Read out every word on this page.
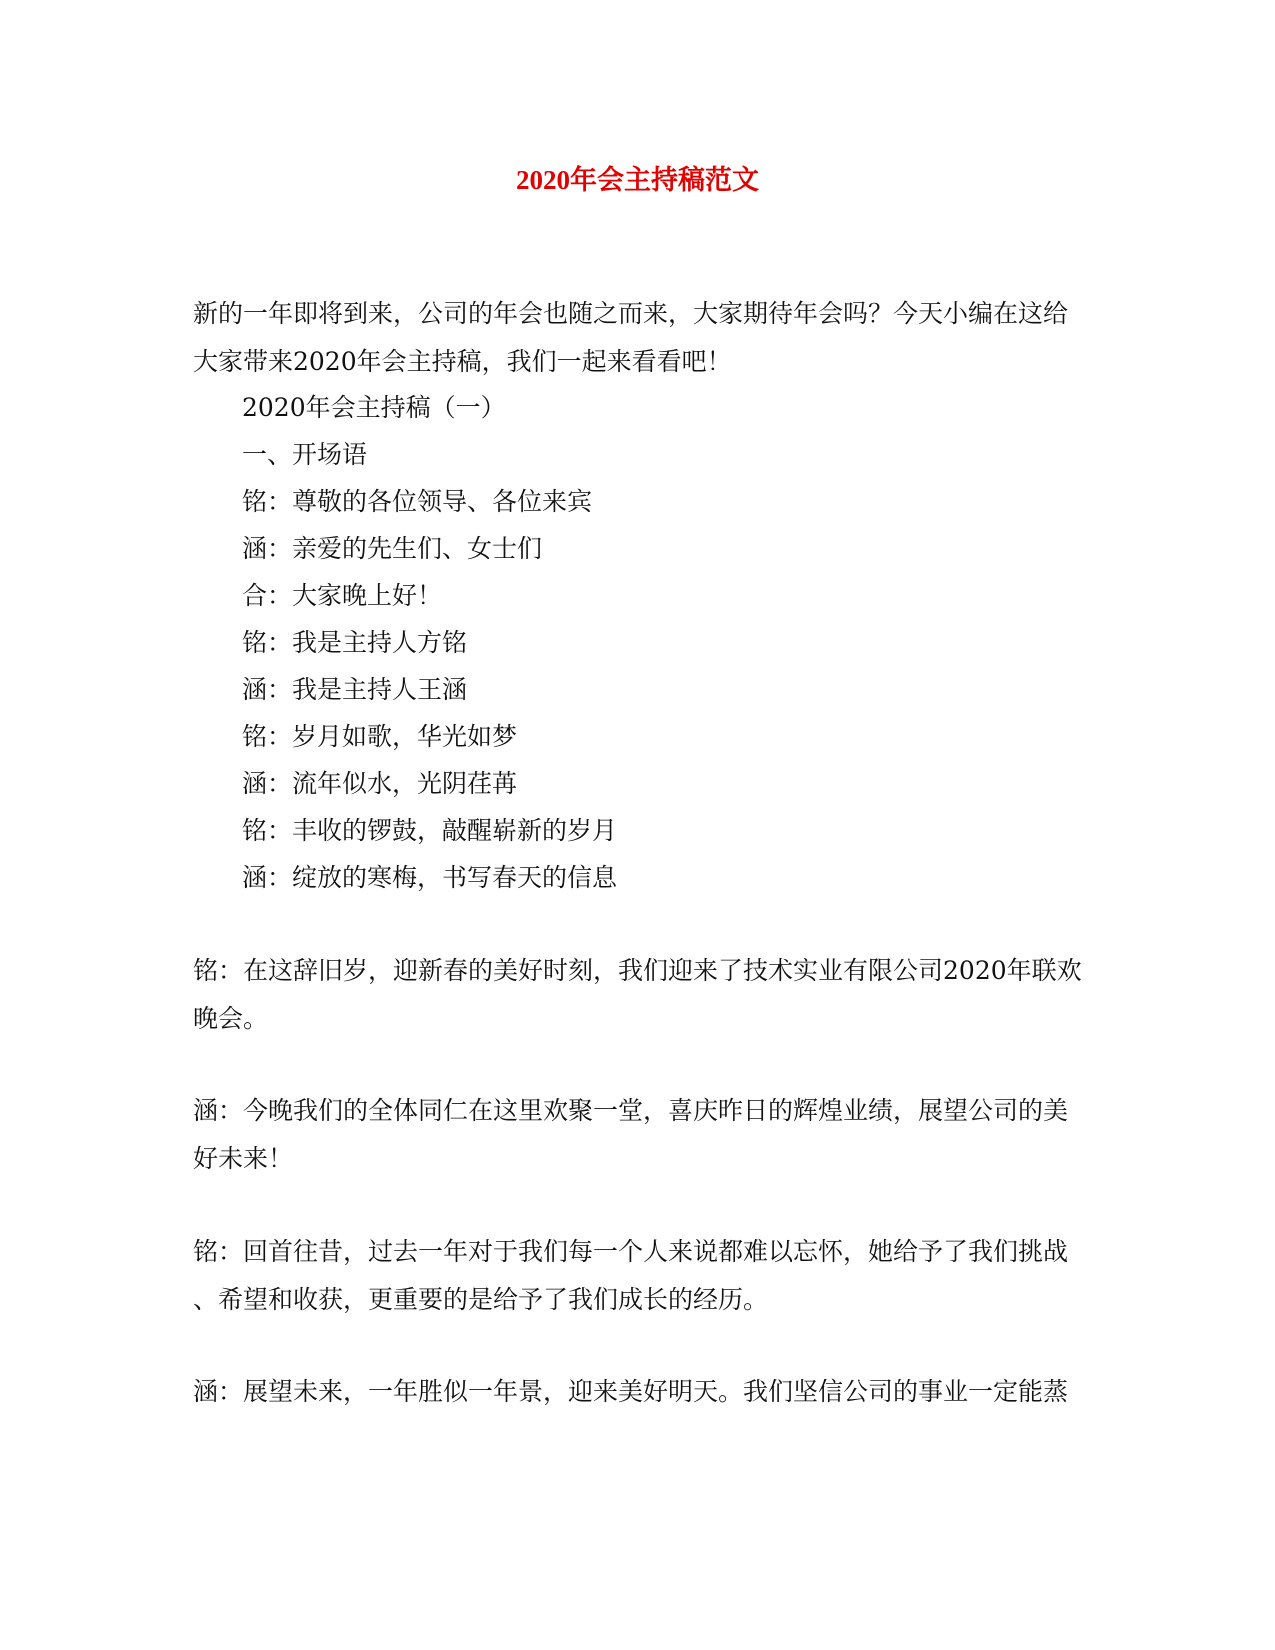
2020年会主持稿范文
新的一年即将到来，公司的年会也随之而来，大家期待年会吗？今天小编在这给
大家带来2020年会主持稿，我们一起来看看吧！
2020年会主持稿（一）
一、开场语
铭：尊敬的各位领导、各位来宾
涵：亲爱的先生们、女士们
合：大家晚上好！
铭：我是主持人方铭
涵：我是主持人王涵
铭：岁月如歌，华光如梦
涵：流年似水，光阴荏苒
铭：丰收的锣鼓，敲醒崭新的岁月
涵：绽放的寒梅，书写春天的信息
铭：在这辞旧岁，迎新春的美好时刻，我们迎来了技术实业有限公司2020年联欢
晚会。
涵：今晚我们的全体同仁在这里欢聚一堂，喜庆昨日的辉煌业绩，展望公司的美
好未来！
铭：回首往昔，过去一年对于我们每一个人来说都难以忘怀，她给予了我们挑战
、希望和收获，更重要的是给予了我们成长的经历。
涵：展望未来，一年胜似一年景，迎来美好明天。我们坚信公司的事业一定能蒸
